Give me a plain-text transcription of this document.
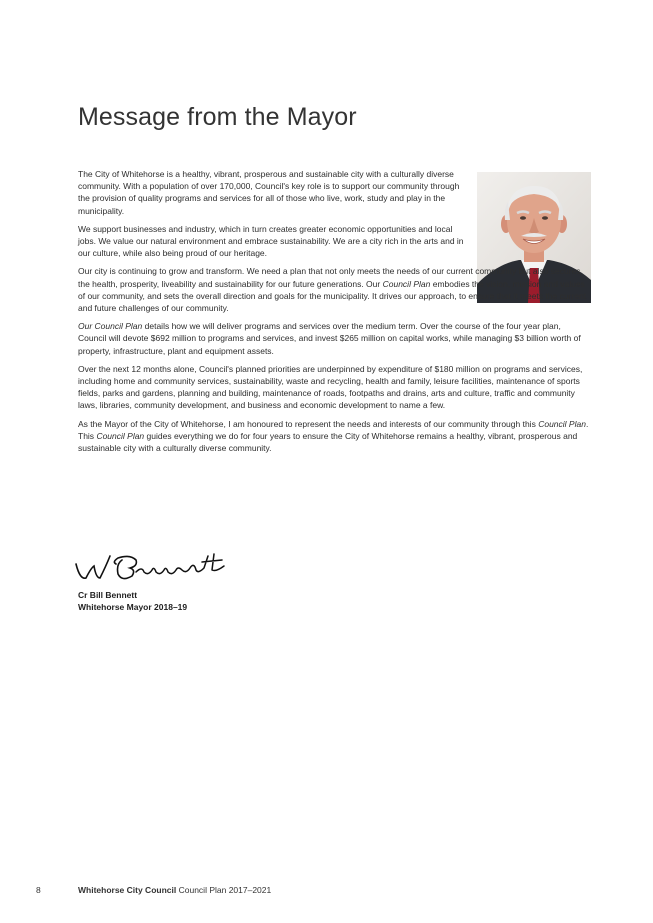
Message from the Mayor

The City of Whitehorse is a healthy, vibrant, prosperous and sustainable city with a culturally diverse community. With a population of over 170,000, Council's key role is to support our community through the provision of quality programs and services for all of those who live, work, study and play in the municipality.

We support businesses and industry, which in turn creates greater economic opportunities and local jobs. We value our natural environment and embrace sustainability. We are a city rich in the arts and in our culture, while also being proud of our heritage.

Our city is continuing to grow and transform. We need a plan that not only meets the needs of our current community but also secures the health, prosperity, liveability and sustainability for our future generations. Our Council Plan embodies the vision, mission and values of our community, and sets the overall direction and goals for the municipality. It drives our approach, to ensure that it meets the current and future challenges of our community.

Our Council Plan details how we will deliver programs and services over the medium term. Over the course of the four year plan, Council will devote $692 million to programs and services, and invest $265 million on capital works, while managing $3 billion worth of property, infrastructure, plant and equipment assets.

Over the next 12 months alone, Council's planned priorities are underpinned by expenditure of $180 million on programs and services, including home and community services, sustainability, waste and recycling, health and family, leisure facilities, maintenance of sports fields, parks and gardens, planning and building, maintenance of roads, footpaths and drains, arts and culture, traffic and community laws, libraries, community development, and business and economic development to name a few.

As the Mayor of the City of Whitehorse, I am honoured to represent the needs and interests of our community through this Council Plan. This Council Plan guides everything we do for four years to ensure the City of Whitehorse remains a healthy, vibrant, prosperous and sustainable city with a culturally diverse community.

Cr Bill Bennett
Whitehorse Mayor 2018–19
8	Whitehorse City Council Council Plan 2017–2021
